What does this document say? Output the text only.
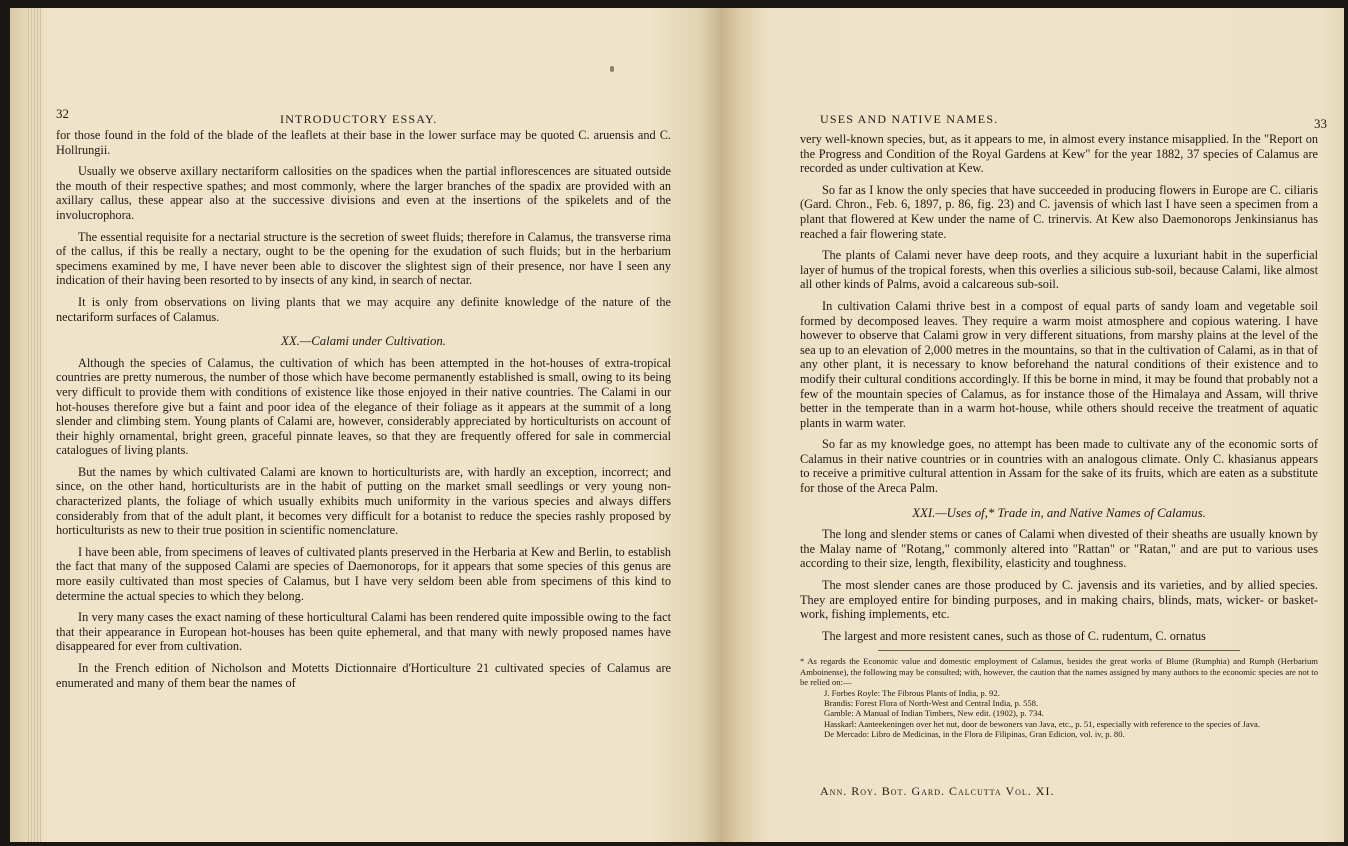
32	INTRODUCTORY ESSAY.

for those found in the fold of the blade of the leaflets at their base in the lower surface may be quoted C. aruensis and C. Hollrungii.

Usually we observe axillary nectariform callosities on the spadices when the partial inflorescences are situated outside the mouth of their respective spathes; and most commonly, where the larger branches of the spadix are provided with an axillary callus, these appear also at the successive divisions and even at the insertions of the spikelets and of the involucrophora.

The essential requisite for a nectarial structure is the secretion of sweet fluids; therefore in Calamus, the transverse rima of the callus, if this be really a nectary, ought to be the opening for the exudation of such fluids; but in the herbarium specimens examined by me, I have never been able to discover the slightest sign of their presence, nor have I seen any indication of their having been resorted to by insects of any kind, in search of nectar.

It is only from observations on living plants that we may acquire any definite knowledge of the nature of the nectariform surfaces of Calamus.

XX.—Calami under Cultivation.

Although the species of Calamus, the cultivation of which has been attempted in the hot-houses of extra-tropical countries are pretty numerous, the number of those which have become permanently established is small, owing to its being very difficult to provide them with conditions of existence like those enjoyed in their native countries. The Calami in our hot-houses therefore give but a faint and poor idea of the elegance of their foliage as it appears at the summit of a long slender and climbing stem. Young plants of Calami are, however, considerably appreciated by horticulturists on account of their highly ornamental, bright green, graceful pinnate leaves, so that they are frequently offered for sale in commercial catalogues of living plants.

But the names by which cultivated Calami are known to horticulturists are, with hardly an exception, incorrect; and since, on the other hand, horticulturists are in the habit of putting on the market small seedlings or very young non-characterized plants, the foliage of which usually exhibits much uniformity in the various species and always differs considerably from that of the adult plant, it becomes very difficult for a botanist to reduce the species rashly proposed by horticulturists as new to their true position in scientific nomenclature.

I have been able, from specimens of leaves of cultivated plants preserved in the Herbaria at Kew and Berlin, to establish the fact that many of the supposed Calami are species of Daemonorops, for it appears that some species of this genus are more easily cultivated than most species of Calamus, but I have very seldom been able from specimens of this kind to determine the actual species to which they belong.

In very many cases the exact naming of these horticultural Calami has been rendered quite impossible owing to the fact that their appearance in European hot-houses has been quite ephemeral, and that many with newly proposed names have disappeared for ever from cultivation.

In the French edition of Nicholson and Motetts Dictionnaire d'Horticulture 21 cultivated species of Calamus are enumerated and many of them bear the names of

USES AND NATIVE NAMES.	33

very well-known species, but, as it appears to me, in almost every instance misapplied. In the "Report on the Progress and Condition of the Royal Gardens at Kew" for the year 1882, 37 species of Calamus are recorded as under cultivation at Kew.

So far as I know the only species that have succeeded in producing flowers in Europe are C. ciliaris (Gard. Chron., Feb. 6, 1897, p. 86, fig. 23) and C. javensis of which last I have seen a specimen from a plant that flowered at Kew under the name of C. trinervis. At Kew also Daemonorops Jenkinsianus has reached a fair flowering state.

The plants of Calami never have deep roots, and they acquire a luxuriant habit in the superficial layer of humus of the tropical forests, when this overlies a silicious sub-soil, because Calami, like almost all other kinds of Palms, avoid a calcareous sub-soil.

In cultivation Calami thrive best in a compost of equal parts of sandy loam and vegetable soil formed by decomposed leaves. They require a warm moist atmosphere and copious watering. I have however to observe that Calami grow in very different situations, from marshy plains at the level of the sea up to an elevation of 2,000 metres in the mountains, so that in the cultivation of Calami, as in that of any other plant, it is necessary to know beforehand the natural conditions of their existence and to modify their cultural conditions accordingly. If this be borne in mind, it may be found that probably not a few of the mountain species of Calamus, as for instance those of the Himalaya and Assam, will thrive better in the temperate than in a warm hot-house, while others should receive the treatment of aquatic plants in warm water.

So far as my knowledge goes, no attempt has been made to cultivate any of the economic sorts of Calamus in their native countries or in countries with an analogous climate. Only C. khasianus appears to receive a primitive cultural attention in Assam for the sake of its fruits, which are eaten as a substitute for those of the Areca Palm.

XXI.—Uses of,* Trade in, and Native Names of Calamus.

The long and slender stems or canes of Calami when divested of their sheaths are usually known by the Malay name of "Rotang," commonly altered into "Rattan" or "Ratan," and are put to various uses according to their size, length, flexibility, elasticity and toughness.

The most slender canes are those produced by C. javensis and its varieties, and by allied species. They are employed entire for binding purposes, and in making chairs, blinds, mats, wicker- or basket-work, fishing implements, etc.

The largest and more resistent canes, such as those of C. rudentum, C. ornatus

* As regards the Economic value and domestic employment of Calamus, besides the great works of Blume (Rumphia) and Rumph (Herbarium Amboinense), the following may be consulted; with, however, the caution that the names assigned by many authors to the economic species are not to be relied on:—

J. Forbes Royle: The Fibrous Plants of India, p. 92.

Brandis: Forest Flora of North-West and Central India, p. 558.

Gamble: A Manual of Indian Timbers, New edit. (1902), p. 734.

Hasskarl: Aanteekeningen over het nut, door de bewoners van Java, etc., p. 51, especially with reference to the species of Java.

De Mercado: Libro de Medicinas, in the Flora de Filipinas, Gran Edicion, vol. iv, p. 80.

Ann. Roy. Bot. Gard. Calcutta Vol. XI.
